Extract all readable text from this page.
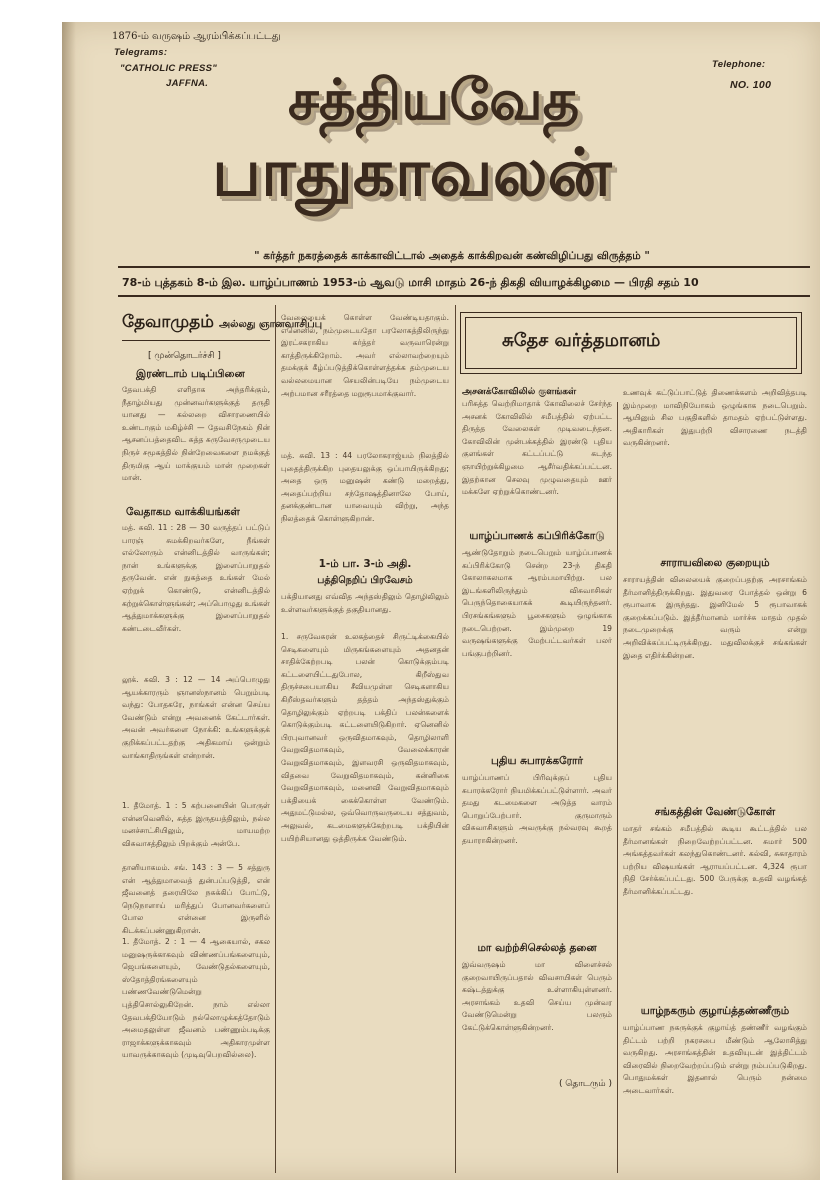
1876-ம் வருஷம் ஆரம்பிக்கப்பட்டது
Telegrams:
"CATHOLIC PRESS"
JAFFNA.
Telephone:
NO. 100
சத்தியவேத
பாதுகாவலன்
" கர்த்தர் நகரத்தைக் காக்காவிட்டால் அதைக் காக்கிறவன் கண்விழிப்பது விருத்தம் "
78-ம் புத்தகம் 8-ம் இல. யாழ்ப்பாணம் 1953-ம் ஆவடு மாசி மாதம் 26-ந் திகதி வியாழக்கிழமை — பிரதி சதம் 10
தேவாமுதம் அல்லது ஞானவாசிப்பு
[ முன்தொடர்ச்சி ]
இரண்டாம் படிப்பினை
தேவபக்தி எளிதாக அந்தரிக்கும், நீதாழ்மியது முன்னவர்களுக்குத் தருதி யானது — கல்லறை விசாரணையில் உண்டாகும் மகிழ்ச்சி — தேவசிநேகம் நின் ஆசனப்பத்தைவிட சுத்த சுருவேசருமுடைய நிருச் சமூகத்தில் நின்றேவைகளை நமக்குத் திருமிகு ஆய் மாக்குயம் மான் முறைகள் மான்.
வேதாகம வாக்கியங்கள்
மத். சுவி. 11 : 28 — 30 வருத்தப் பட்டுப் பாரஞ் சுமக்கிறவர்களே, நீங்கள் எல்லோரும் என்னிடத்தில் வாருங்கள்; நான் உங்களுக்கு இளைப்பாறுதல் தருவேன். என் நுகத்தை உங்கள் மேல் ஏற்றுக் கொண்டு, என்னிடத்தில் கற்றுக்கொள்ளுங்கள்; அப்பொழுது உங்கள் ஆத்துமாக்களுக்கு இளைப்பாறுதல் கண்டடைவீர்கள்.
லூக். சுவி. 3 : 12 — 14 அப்பொழுது ஆயக்காரரும் ஞானஸ்நானம் பெறும்படி வந்து: போதகரே, நாங்கள் என்ன செய்ய வேண்டும் என்று அவனைக் கேட்டார்கள். அவன் அவர்களை நோக்கி: உங்களுக்குக் குறிக்கப்பட்டதற்கு அதிகமாய் ஒன்றும் வாங்காதிருங்கள் என்றான்.
1. தீமோத். 1 : 5 கற்பனையின் பொருள் என்னவெனில், சுத்த இருதயத்திலும், நல்ல மனச்சாட்சியிலும், மாயமற்ற விசுவாசத்திலும் பிறக்கும் அன்பே.
தானியாகமம். சங். 143 : 3 — 5 சத்துரு என் ஆத்துமாவைத் துன்பப்படுத்தி, என் ஜீவனைத் தரையிலே நசுக்கிப் போட்டு, நெடுநாளாய் மரித்துப் போனவர்களைப் போல என்னை இருளில் கிடக்கப்பண்ணுகிறான்.
1. தீமோத். 2 : 1 — 4 ஆகையால், சகல மனுஷருக்காகவும் விண்ணப்பங்களையும், ஜெபங்களையும், வேண்டுதல்களையும், ஸ்தோத்திரங்களையும் பண்ணவேண்டுமென்று புத்திசொல்லுகிறேன். நாம் எல்லா தேவபக்தியோடும் நல்லொழுக்கத்தோடும் அமைதலுள்ள ஜீவனம் பண்ணும்படிக்கு ராஜாக்களுக்காகவும் அதிகாரமுள்ள யாவருக்காகவும் (முடிவுபெறவில்லை).
வேலையைக் கொள்ள வேண்டியதாகும். எனெனில், நம்முடையதோ பரலோகத்திலிருந்து இரட்சகராகிய கர்த்தர் வருவாரென்று காத்திருக்கிறோம். அவர் எல்லாவற்றையும் தமக்குக் கீழ்ப்படுத்திக்கொள்ளத்தக்க தம்முடைய வல்லமையான செயலின்படியே நம்முடைய அற்பமான சரீரத்தை மறுரூபமாக்குவார்.
மத். சுவி. 13 : 44 பரலோகராஜ்யம் நிலத்தில் புதைத்திருக்கிற புதையலுக்கு ஒப்பாயிருக்கிறது; அதை ஒரு மனுஷன் கண்டு மறைத்து, அதைப்பற்றிய சந்தோஷத்தினாலே போய், தனக்குண்டான யாவையும் விற்று, அந்த நிலத்தைக் கொள்ளுகிறான்.
1-ம் பா. 3-ம் அதி.
பத்திநெறிப் பிரவேசம்
பக்தியானது எவ்வித அந்தஸ்திலும் தொழிலிலும் உள்ளவர்களுக்குத் தகுதியானது.
1. சருவேசுரன் உலகத்தைச் சிருட்டிக்கையில் செடிகளையும் மிருகங்களையும் அதனதன் சாதிக்கேற்றபடி பலன் கொடுக்கும்படி கட்டளையிட்டதுபோல, கிறீஸ்துவ திருச்சபையாகிய சீவியமுள்ள செடிகளாகிய கிறீஸ்தவர்களும் தத்தம் அந்தஸ்துக்கும் தொழிலுக்கும் ஏற்றபடி பக்திப் பலன்களைக் கொடுக்கும்படி கட்டளையிடுகிறார். ஏனெனில் பிரபுவானவர் ஒருவிதமாகவும், தொழிலாளி வேறுவிதமாகவும், வேலைக்காரன் வேறுவிதமாகவும், இளவரசி ஒருவிதமாகவும், விதவை வேறுவிதமாகவும், கன்னிகை வேறுவிதமாகவும், மனைவி வேறுவிதமாகவும் பக்தியைக் கைக்கொள்ள வேண்டும். அதுமட்டுமல்ல, ஒவ்வொருவருடைய சத்துவம், அலுவல், கடமைகளுக்கேற்றபடி பக்தியின் பயிற்சியானது ஒத்திருக்க வேண்டும்.
சுதேச வர்த்தமானம்
அசனக்கோவிலில் குளங்கள்
பரிசுத்த வெற்றிமாதாக் கோவிலைச் சேர்ந்த அசனக் கோவிலில் சமீபத்தில் ஏற்பட்ட திருத்த வேலைகள் முடிவடைந்தன. கோவிலின் முன்பக்கத்தில் இரண்டு புதிய குளங்கள் கட்டப்பட்டு கடந்த ஞாயிற்றுக்கிழமை ஆசீர்வதிக்கப்பட்டன. இதற்கான செலவு முழுவதையும் ஊர் மக்களே ஏற்றுக்கொண்டனர்.
யாழ்ப்பாணக் கப்பிரிக்கோடு
ஆண்டுதோறும் நடைபெறும் யாழ்ப்பாணக் கப்பிரிக்கோடு சென்ற 23-ந் திகதி கோலாகலமாக ஆரம்பமாயிற்று. பல இடங்களிலிருந்தும் விசுவாசிகள் பெருந்தொகையாகக் கூடியிருந்தனர். பிரசங்கங்களும் பூசைகளும் ஒழுங்காக நடைபெற்றன. இம்முறை 19 வருஷங்களுக்கு மேற்பட்டவர்கள் பலர் பங்குபற்றினர்.
புதிய சுபாரக்கரோர்
யாழ்ப்பாணப் பிரிவுக்குப் புதிய சுபாரக்கரோர் நியமிக்கப்பட்டுள்ளார். அவர் தமது கடமைகளை அடுத்த வாரம் பொறுப்பேற்பார். குருமாரும் விசுவாசிகளும் அவருக்கு நல்வரவு கூறத் தயாராகின்றனர்.
மா வற்ற்சிசெல்லத் தனை
இவ்வருஷம் மா விளைச்சல் குறைவாயிருப்பதால் விவசாயிகள் பெரும் கஷ்டத்துக்கு உள்ளாகியுள்ளனர். அரசாங்கம் உதவி செய்ய முன்வர வேண்டுமென்று பலரும் கேட்டுக்கொள்ளுகின்றனர்.
( தொடரும் )
உணவுக் கட்டுப்பாட்டுத் திணைக்களம் அறிவித்தபடி இம்முறை மாவிநியோகம் ஒழுங்காக நடைபெறும். ஆயினும் சில பகுதிகளில் தாமதம் ஏற்பட்டுள்ளது. அதிகாரிகள் இதுபற்றி விசாரணை நடத்தி வருகின்றனர்.
சாராயவிலை குறையும்
சாராயத்தின் விலையைக் குறைப்பதற்கு அரசாங்கம் தீர்மானித்திருக்கிறது. இதுவரை போத்தல் ஒன்று 6 ரூபாவாக இருந்தது. இனிமேல் 5 ரூபாவாகக் குறைக்கப்படும். இத்தீர்மானம் மார்ச்சு மாதம் முதல் நடைமுறைக்கு வரும் என்று அறிவிக்கப்பட்டிருக்கிறது. மதுவிலக்குச் சங்கங்கள் இதை எதிர்க்கின்றன.
சங்கத்தின் வேண்டுகோள்
மாதர் சங்கம் சமீபத்தில் கூடிய கூட்டத்தில் பல தீர்மானங்கள் நிறைவேற்றப்பட்டன. சுமார் 500 அங்கத்தவர்கள் கலந்துகொண்டனர். கல்வி, சுகாதாரம் பற்றிய விஷயங்கள் ஆராயப்பட்டன. 4,324 ரூபா நிதி சேர்க்கப்பட்டது. 500 பேருக்கு உதவி வழங்கத் தீர்மானிக்கப்பட்டது.
யாழ்நகரும் குழாய்த்தண்ணீரும்
யாழ்ப்பாண நகருக்குக் குழாய்த் தண்ணீர் வழங்கும் திட்டம் பற்றி நகரசபை மீண்டும் ஆலோசித்து வருகிறது. அரசாங்கத்தின் உதவியுடன் இத்திட்டம் விரைவில் நிறைவேற்றப்படும் என்று நம்பப்படுகிறது. பொதுமக்கள் இதனால் பெரும் நன்மை அடைவார்கள்.
